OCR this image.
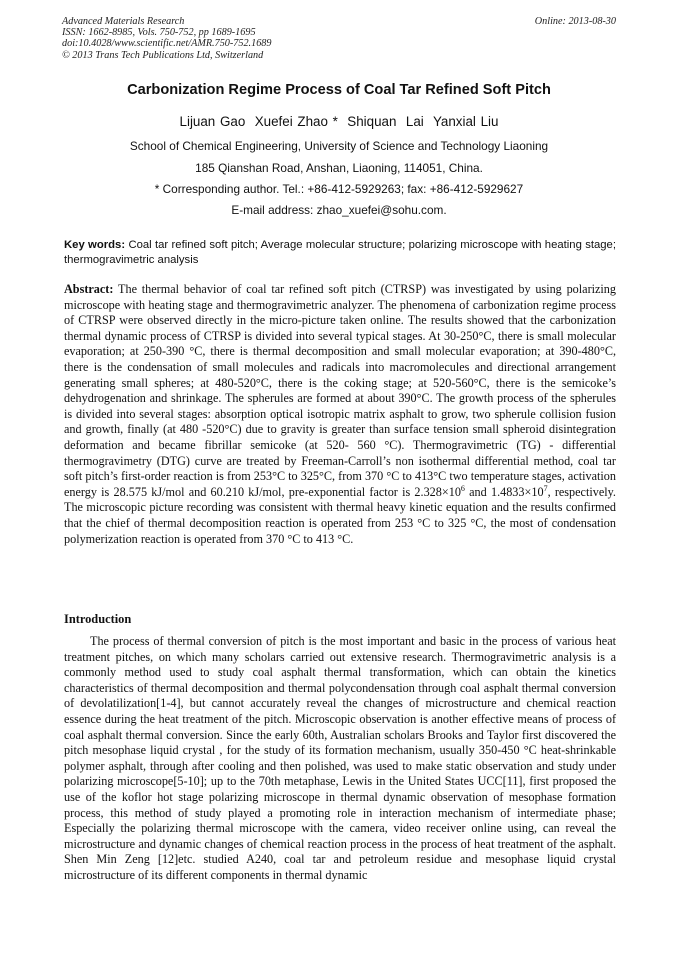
Advanced Materials Research
ISSN: 1662-8985, Vols. 750-752, pp 1689-1695
doi:10.4028/www.scientific.net/AMR.750-752.1689
© 2013 Trans Tech Publications Ltd, Switzerland
Online: 2013-08-30
Carbonization Regime Process of Coal Tar Refined Soft Pitch
Lijuan Gao  Xuefei Zhao *  Shiquan  Lai  Yanxial Liu
School of Chemical Engineering, University of Science and Technology Liaoning
185 Qianshan Road, Anshan, Liaoning, 114051, China.
* Corresponding author. Tel.: +86-412-5929263; fax: +86-412-5929627
E-mail address: zhao_xuefei@sohu.com.
Key words: Coal tar refined soft pitch; Average molecular structure; polarizing microscope with heating stage; thermogravimetric analysis
Abstract: The thermal behavior of coal tar refined soft pitch (CTRSP) was investigated by using polarizing microscope with heating stage and thermogravimetric analyzer. The phenomena of carbonization regime process of CTRSP were observed directly in the micro-picture taken online. The results showed that the carbonization thermal dynamic process of CTRSP is divided into several typical stages. At 30-250°C, there is small molecular evaporation; at 250-390 °C, there is thermal decomposition and small molecular evaporation; at 390-480°C, there is the condensation of small molecules and radicals into macromolecules and directional arrangement generating small spheres; at 480-520°C, there is the coking stage; at 520-560°C, there is the semicoke’s dehydrogenation and shrinkage. The spherules are formed at about 390°C. The growth process of the spherules is divided into several stages: absorption optical isotropic matrix asphalt to grow, two spherule collision fusion and growth, finally (at 480 -520°C) due to gravity is greater than surface tension small spheroid disintegration deformation and became fibrillar semicoke (at 520- 560 °C). Thermogravimetric (TG) - differential thermogravimetry (DTG) curve are treated by Freeman-Carroll’s non isothermal differential method, coal tar soft pitch’s first-order reaction is from 253°C to 325°C, from 370 °C to 413°C two temperature stages, activation energy is 28.575 kJ/mol and 60.210 kJ/mol, pre-exponential factor is $2.328\times 10^6$ and $1.4833\times 10^7$, respectively. The microscopic picture recording was consistent with thermal heavy kinetic equation and the results confirmed that the chief of thermal decomposition reaction is operated from 253 °C to 325 °C, the most of condensation polymerization reaction is operated from 370 °C to 413 °C.
Introduction
The process of thermal conversion of pitch is the most important and basic in the process of various heat treatment pitches, on which many scholars carried out extensive research. Thermogravimetric analysis is a commonly method used to study coal asphalt thermal transformation, which can obtain the kinetics characteristics of thermal decomposition and thermal polycondensation through coal asphalt thermal conversion of devolatilization[1-4], but cannot accurately reveal the changes of microstructure and chemical reaction essence during the heat treatment of the pitch. Microscopic observation is another effective means of process of coal asphalt thermal conversion. Since the early 60th, Australian scholars Brooks and Taylor first discovered the pitch mesophase liquid crystal , for the study of its formation mechanism, usually 350-450 °C heat-shrinkable polymer asphalt, through after cooling and then polished, was used to make static observation and study under polarizing microscope[5-10]; up to the 70th metaphase, Lewis in the United States UCC[11], first proposed the use of the koflor hot stage polarizing microscope in thermal dynamic observation of mesophase formation process, this method of study played a promoting role in interaction mechanism of intermediate phase; Especially the polarizing thermal microscope with the camera, video receiver online using, can reveal the microstructure and dynamic changes of chemical reaction process in the process of heat treatment of the asphalt. Shen Min Zeng [12]etc. studied A240, coal tar and petroleum residue and mesophase liquid crystal microstructure of its different components in thermal dynamic
